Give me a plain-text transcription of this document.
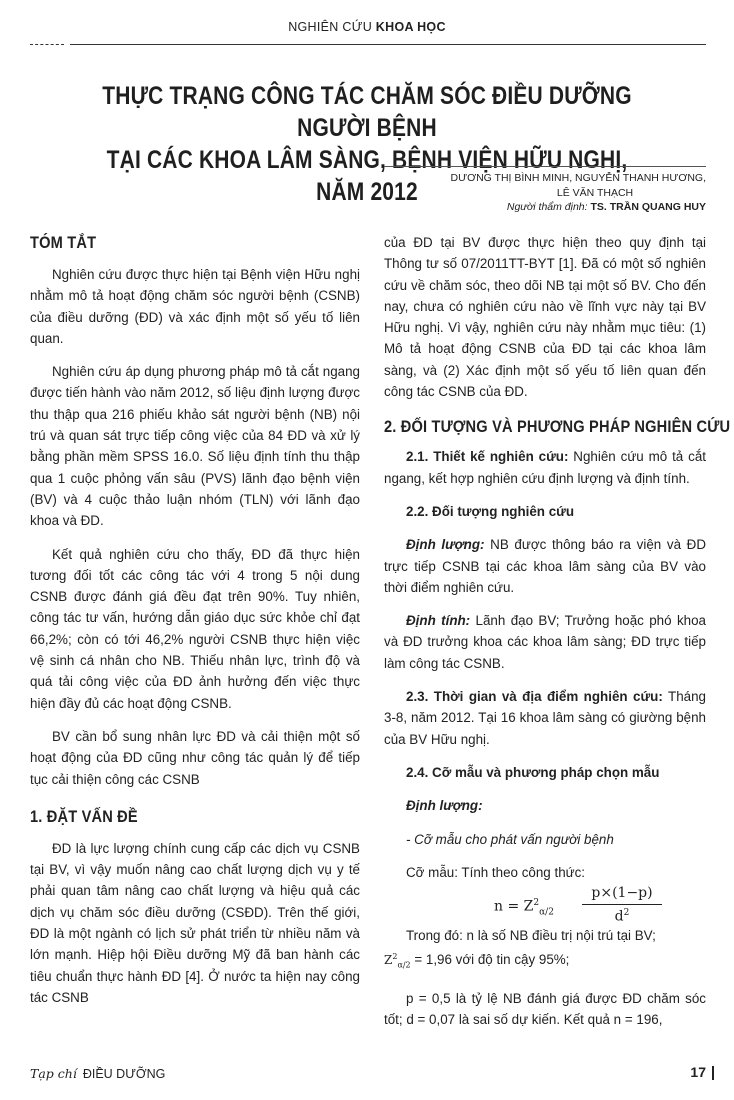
NGHIÊN CỨU KHOA HỌC
THỰC TRẠNG CÔNG TÁC CHĂM SÓC ĐIỀU DƯỠNG NGƯỜI BỆNH
TẠI CÁC KHOA LÂM SÀNG, BỆNH VIỆN HỮU NGHỊ, NĂM 2012	DƯƠNG THỊ BÌNH MINH, NGUYỄN THANH HƯƠNG,
LÊ VĂN THẠCH
Người thẩm định: TS. TRẦN QUANG HUY
TÓM TẮT

Nghiên cứu được thực hiện tại Bệnh viện Hữu nghị nhằm mô tả hoạt động chăm sóc người bệnh (CSNB) của điều dưỡng (ĐD) và xác định một số yếu tố liên quan.

Nghiên cứu áp dụng phương pháp mô tả cắt ngang được tiến hành vào năm 2012, số liệu định lượng được thu thập qua 216 phiếu khảo sát người bệnh (NB) nội trú và quan sát trực tiếp công việc của 84 ĐD và xử lý bằng phần mềm SPSS 16.0. Số liệu định tính thu thập qua 1 cuộc phỏng vấn sâu (PVS) lãnh đạo bệnh viện (BV) và 4 cuộc thảo luận nhóm (TLN) với lãnh đạo khoa và ĐD.

Kết quả nghiên cứu cho thấy, ĐD đã thực hiện tương đối tốt các công tác với 4 trong 5 nội dung CSNB được đánh giá đều đạt trên 90%. Tuy nhiên, công tác tư vấn, hướng dẫn giáo dục sức khỏe chỉ đạt 66,2%; còn có tới 46,2% người CSNB thực hiện việc vệ sinh cá nhân cho NB. Thiếu nhân lực, trình độ và quá tải công việc của ĐD ảnh hưởng đến việc thực hiện đầy đủ các hoạt động CSNB.

BV cần bổ sung nhân lực ĐD và cải thiện một số hoạt động của ĐD cũng như công tác quản lý để tiếp tục cải thiện công các CSNB

1. ĐẶT VẤN ĐỀ

ĐD là lực lượng chính cung cấp các dịch vụ CSNB tại BV, vì vậy muốn nâng cao chất lượng dịch vụ y tế phải quan tâm nâng cao chất lượng và hiệu quả các dịch vụ chăm sóc điều dưỡng (CSĐD). Trên thế giới, ĐD là một ngành có lịch sử phát triển từ nhiều năm và lớn mạnh. Hiệp hội Điều dưỡng Mỹ đã ban hành các tiêu chuẩn thực hành ĐD [4]. Ở nước ta hiện nay công tác CSNB

của ĐD tại BV được thực hiện theo quy định tại Thông tư số 07/2011TT-BYT [1]. Đã có một số nghiên cứu về chăm sóc, theo dõi NB tại một số BV. Cho đến nay, chưa có nghiên cứu nào về lĩnh vực này tại BV Hữu nghị. Vì vậy, nghiên cứu này nhằm mục tiêu: (1) Mô tả hoạt động CSNB của ĐD tại các khoa lâm sàng, và (2) Xác định một số yếu tố liên quan đến công tác CSNB của ĐD.

2. ĐỐI TƯỢNG VÀ PHƯƠNG PHÁP NGHIÊN CỨU

2.1. Thiết kế nghiên cứu: Nghiên cứu mô tả cắt ngang, kết hợp nghiên cứu định lượng và định tính.

2.2. Đối tượng nghiên cứu

Định lượng: NB được thông báo ra viện và ĐD trực tiếp CSNB tại các khoa lâm sàng của BV vào thời điểm nghiên cứu.

Định tính: Lãnh đạo BV; Trưởng hoặc phó khoa và ĐD trưởng khoa các khoa lâm sàng; ĐD trực tiếp làm công tác CSNB.

2.3. Thời gian và địa điểm nghiên cứu: Tháng 3-8, năm 2012. Tại 16 khoa lâm sàng có giường bệnh của BV Hữu nghị.

2.4. Cỡ mẫu và phương pháp chọn mẫu

Định lượng:

- Cỡ mẫu cho phát vấn người bệnh

Cỡ mẫu: Tính theo công thức:

$n = Z^2_{\alpha/2}$
p×(1−p)
$d^2$

Trong đó: n là số NB điều trị nội trú tại BV;

$Z^2_{\alpha/2} = 1,96$ với độ tin cậy 95%;

p = 0,5 là tỷ lệ NB đánh giá được ĐD chăm sóc tốt; d = 0,07 là sai số dự kiến. Kết quả n = 196,

Tạp chí ĐIỀU DƯỠNG	17
